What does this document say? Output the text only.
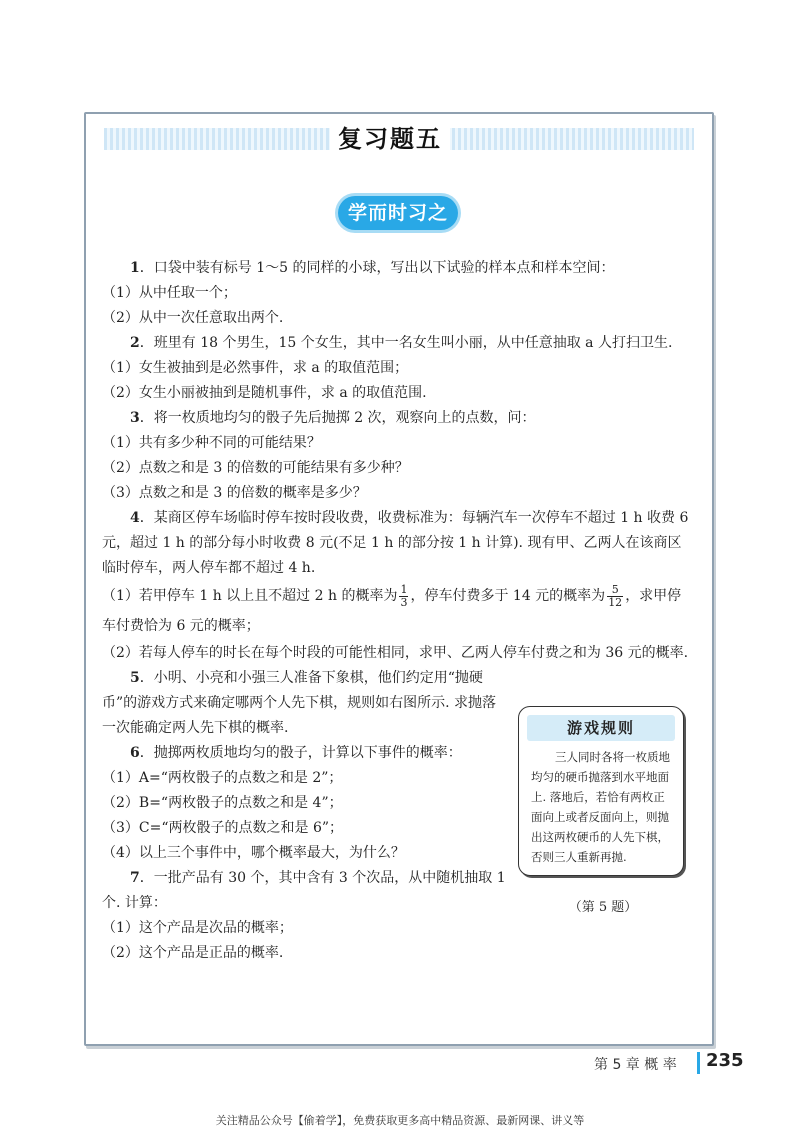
复习题五
学而时习之

1．口袋中装有标号 1～5 的同样的小球，写出以下试验的样本点和样本空间：

（1）从中任取一个；

（2）从中一次任意取出两个.

2．班里有 18 个男生，15 个女生，其中一名女生叫小丽，从中任意抽取 a 人打扫卫生.

（1）女生被抽到是必然事件，求 a 的取值范围；

（2）女生小丽被抽到是随机事件，求 a 的取值范围.

3．将一枚质地均匀的骰子先后抛掷 2 次，观察向上的点数，问：

（1）共有多少种不同的可能结果？

（2）点数之和是 3 的倍数的可能结果有多少种？

（3）点数之和是 3 的倍数的概率是多少？

4．某商区停车场临时停车按时段收费，收费标准为：每辆汽车一次停车不超过 1 h 收费 6 元，超过 1 h 的部分每小时收费 8 元(不足 1 h 的部分按 1 h 计算). 现有甲、乙两人在该商区临时停车，两人停车都不超过 4 h.

（1）若甲停车 1 h 以上且不超过 2 h 的概率为 $\frac{1}{3}$ ，停车付费多于 14 元的概率为 $\frac{5}{12}$ ，求甲停车付费恰为 6 元的概率；

（2）若每人停车的时长在每个时段的可能性相同，求甲、乙两人停车付费之和为 36 元的概率.

5．小明、小亮和小强三人准备下象棋，他们约定用“抛硬币”的游戏方式来确定哪两个人先下棋，规则如右图所示. 求抛落一次能确定两人先下棋的概率.

6．抛掷两枚质地均匀的骰子，计算以下事件的概率：

（1）A=“两枚骰子的点数之和是 2”；

（2）B=“两枚骰子的点数之和是 4”；

（3）C=“两枚骰子的点数之和是 6”；

（4）以上三个事件中，哪个概率最大，为什么？

7．一批产品有 30 个，其中含有 3 个次品，从中随机抽取 1 个. 计算：

（1）这个产品是次品的概率；

（2）这个产品是正品的概率.

游戏规则
三人同时各将一枚质地均匀的硬币抛落到水平地面上. 落地后，若恰有两枚正面向上或者反面向上，则抛出这两枚硬币的人先下棋，否则三人重新再抛.
（第 5 题）
第 5 章 概 率 235
关注精品公众号【偷着学】，免费获取更多高中精品资源、最新网课、讲义等
